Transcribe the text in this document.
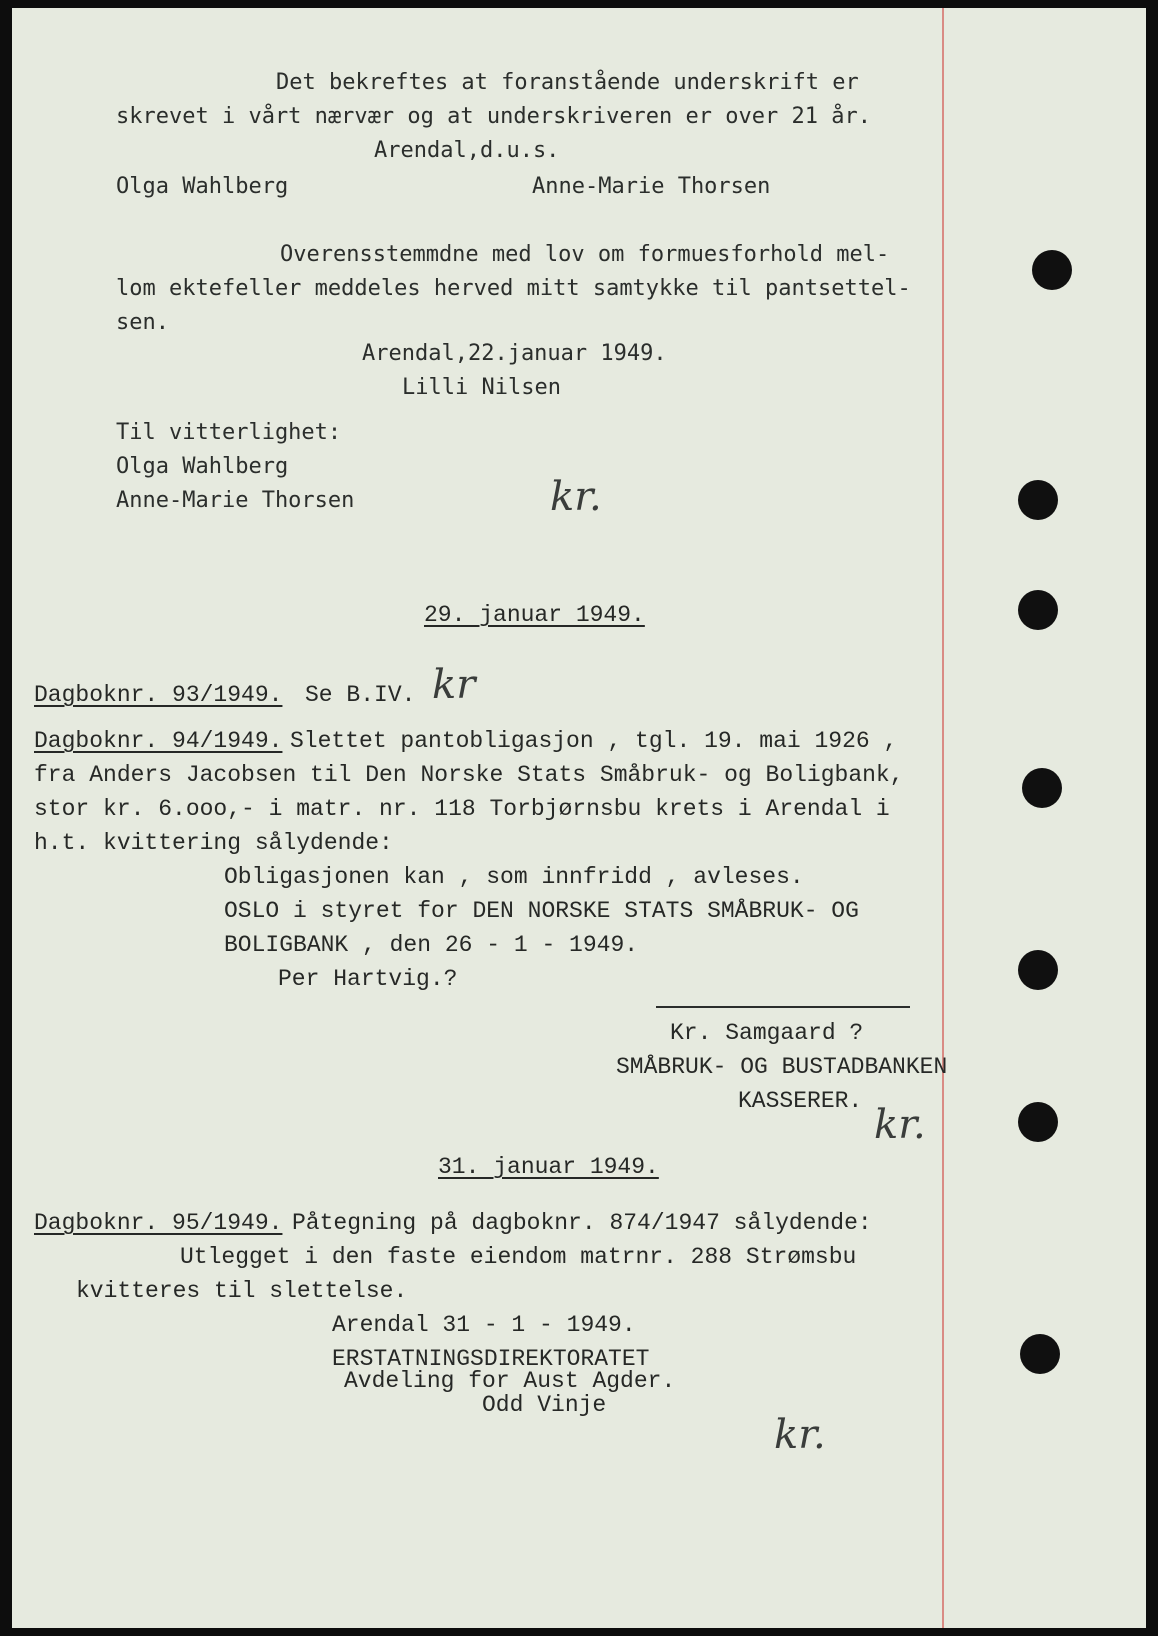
Det bekreftes at foranstående underskrift er
skrevet i vårt nærvær og at underskriveren er over 21 år.
Arendal,d.u.s.
Olga Wahlberg	Anne-Marie Thorsen
Overensstemmdne med lov om formuesforhold mel-
lom ektefeller meddeles herved mitt samtykke til pantsettel-
sen.
Arendal,22.januar 1949.
Lilli Nilsen
Til vitterlighet:
Olga Wahlberg
Anne-Marie Thorsen	kr.
29. januar 1949.
Dagboknr. 93/1949. Se B.IV. kr
Dagboknr. 94/1949. Slettet pantobligasjon , tgl. 19. mai 1926 ,
fra Anders Jacobsen til Den Norske Stats Småbruk- og Boligbank,
stor kr. 6.ooo,- i matr. nr. 118 Torbjørnsbu krets i Arendal i
h.t. kvittering sålydende:
Obligasjonen kan , som innfridd , avleses.
OSLO i styret for DEN NORSKE STATS SMÅBRUK- OG
BOLIGBANK , den 26 - 1 - 1949.
Per Hartvig.?
Kr. Samgaard ?
SMÅBRUK- OG BUSTADBANKEN
KASSERER.
kr.
31. januar 1949.
Dagboknr. 95/1949. Påtegning på dagboknr. 874/1947 sålydende:
Utlegget i den faste eiendom matrnr. 288 Strømsbu
kvitteres til slettelse.
Arendal 31 - 1 - 1949.
ERSTATNINGSDIREKTORATET
Avdeling for Aust Agder.
Odd Vinje
kr.
